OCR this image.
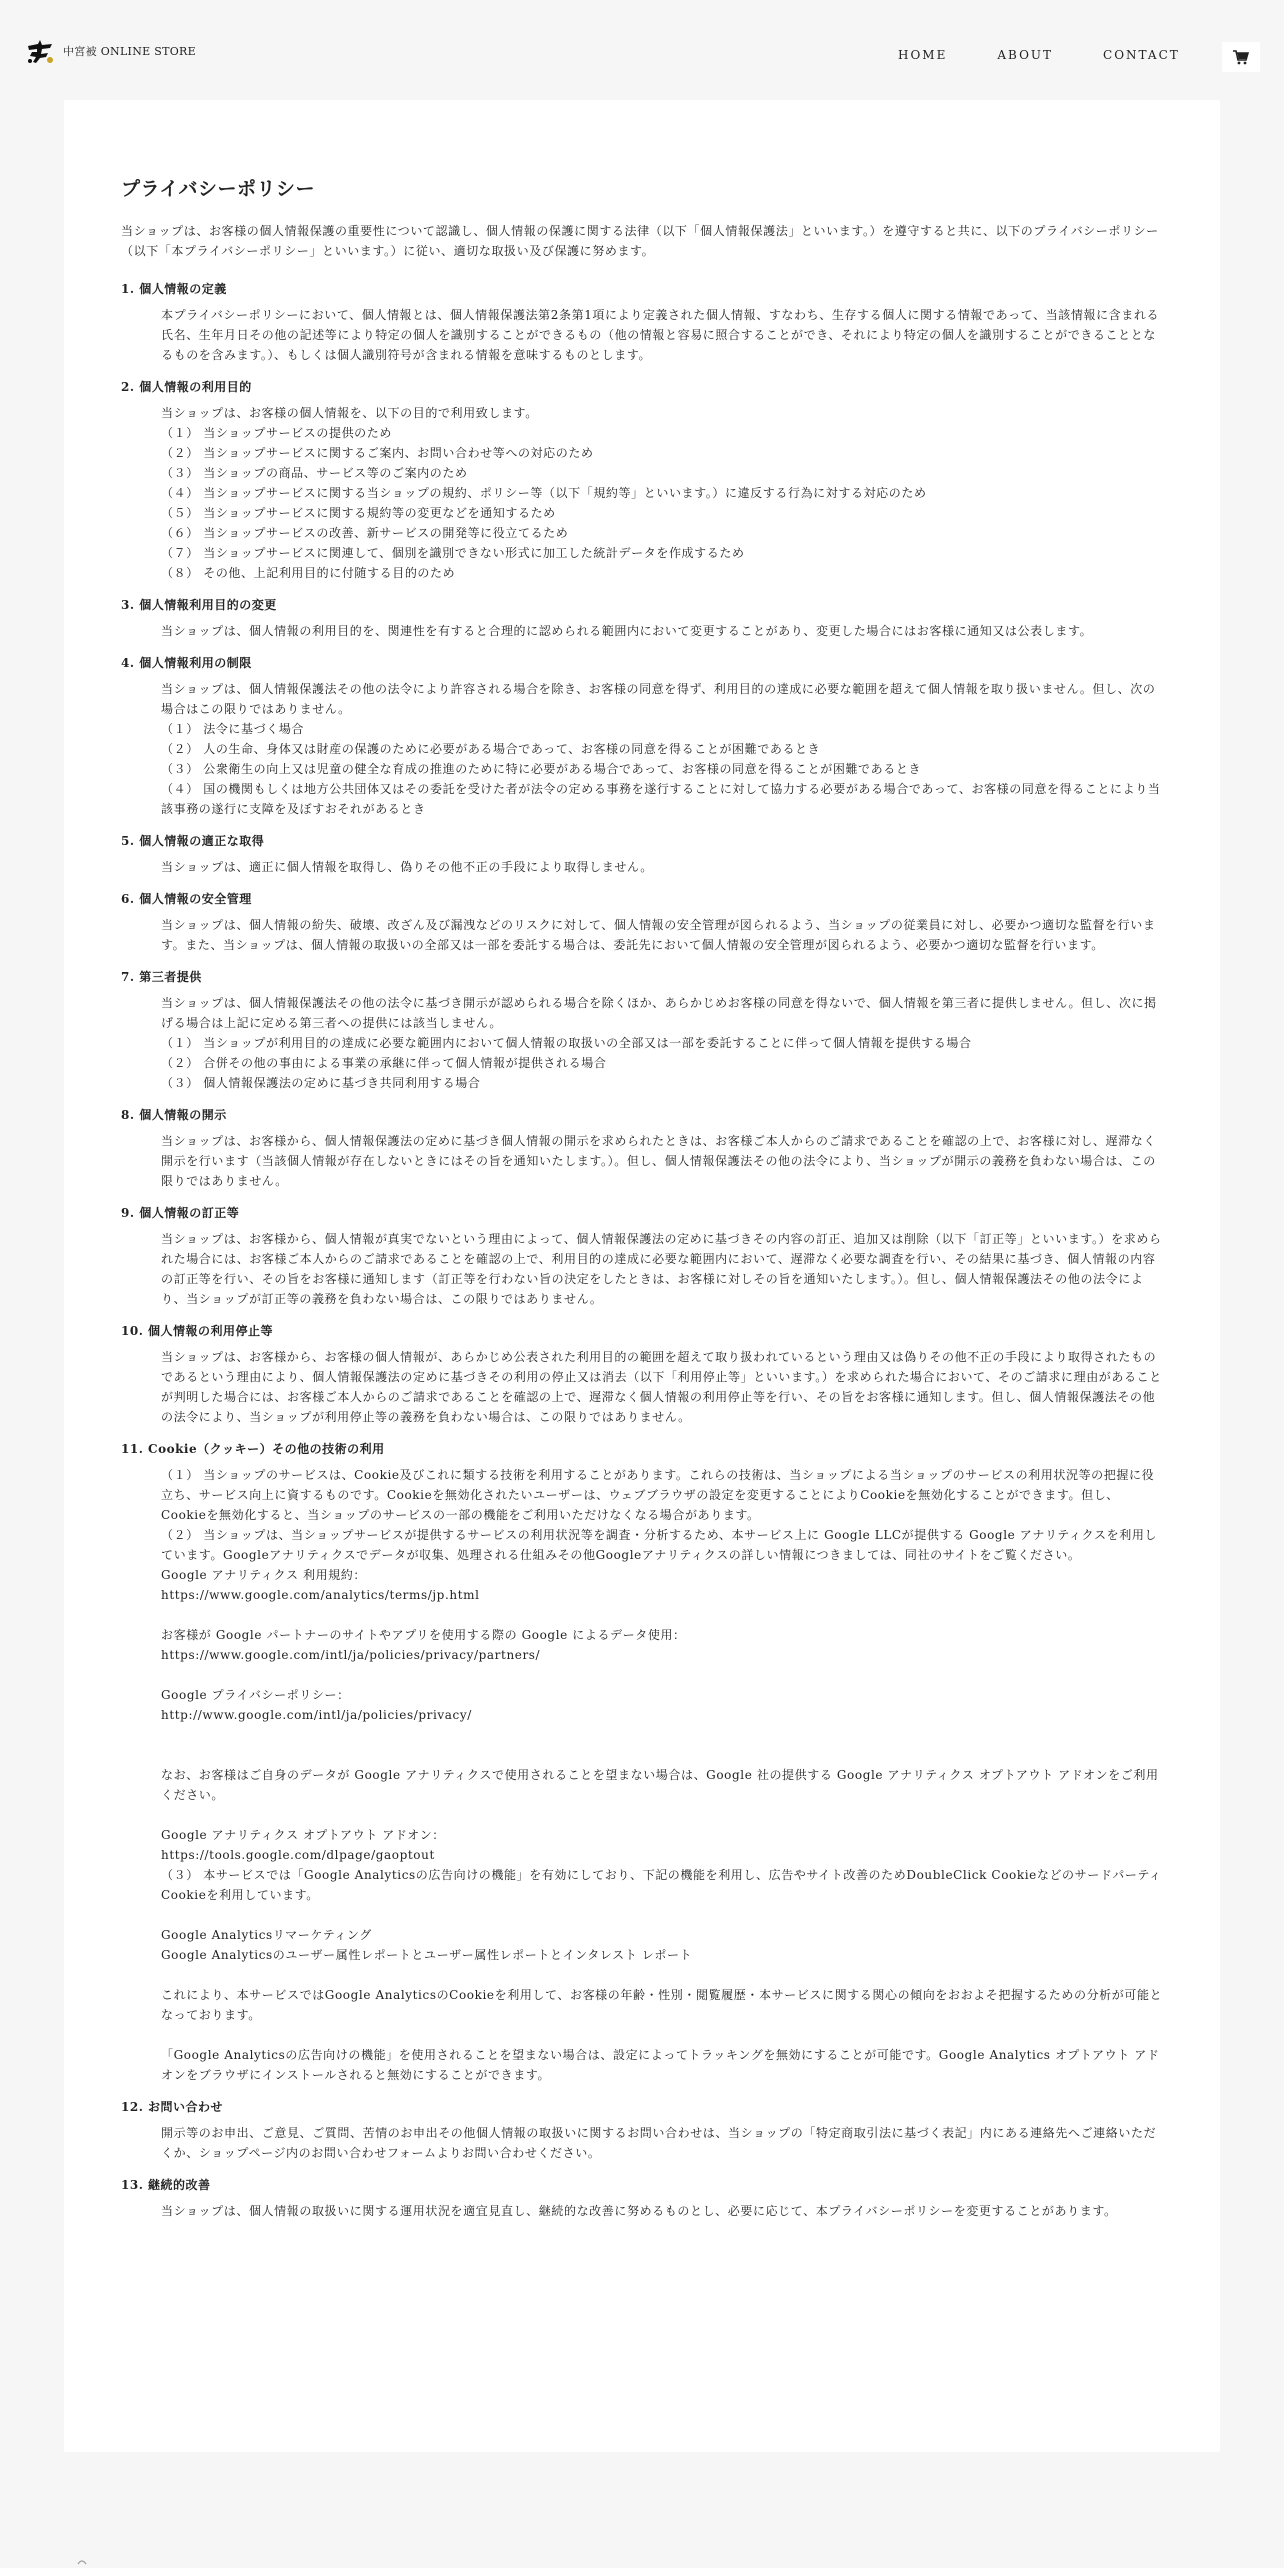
中宮被 ONLINE STORE	HOME	ABOUT	CONTACT
プライバシーポリシー

当ショップは、お客様の個人情報保護の重要性について認識し、個人情報の保護に関する法律（以下「個人情報保護法」といいます。）を遵守すると共に、以下のプライバシーポリシー（以下「本プライバシーポリシー」といいます。）に従い、適切な取扱い及び保護に努めます。

1. 個人情報の定義

本プライバシーポリシーにおいて、個人情報とは、個人情報保護法第2条第1項により定義された個人情報、すなわち、生存する個人に関する情報であって、当該情報に含まれる氏名、生年月日その他の記述等により特定の個人を識別することができるもの（他の情報と容易に照合することができ、それにより特定の個人を識別することができることとなるものを含みます。）、もしくは個人識別符号が含まれる情報を意味するものとします。

2. 個人情報の利用目的

当ショップは、お客様の個人情報を、以下の目的で利用致します。

（１） 当ショップサービスの提供のため

（２） 当ショップサービスに関するご案内、お問い合わせ等への対応のため

（３） 当ショップの商品、サービス等のご案内のため

（４） 当ショップサービスに関する当ショップの規約、ポリシー等（以下「規約等」といいます。）に違反する行為に対する対応のため

（５） 当ショップサービスに関する規約等の変更などを通知するため

（６） 当ショップサービスの改善、新サービスの開発等に役立てるため

（７） 当ショップサービスに関連して、個別を識別できない形式に加工した統計データを作成するため

（８） その他、上記利用目的に付随する目的のため

3. 個人情報利用目的の変更

当ショップは、個人情報の利用目的を、関連性を有すると合理的に認められる範囲内において変更することがあり、変更した場合にはお客様に通知又は公表します。

4. 個人情報利用の制限

当ショップは、個人情報保護法その他の法令により許容される場合を除き、お客様の同意を得ず、利用目的の達成に必要な範囲を超えて個人情報を取り扱いません。但し、次の場合はこの限りではありません。

（１） 法令に基づく場合

（２） 人の生命、身体又は財産の保護のために必要がある場合であって、お客様の同意を得ることが困難であるとき

（３） 公衆衛生の向上又は児童の健全な育成の推進のために特に必要がある場合であって、お客様の同意を得ることが困難であるとき

（４） 国の機関もしくは地方公共団体又はその委託を受けた者が法令の定める事務を遂行することに対して協力する必要がある場合であって、お客様の同意を得ることにより当該事務の遂行に支障を及ぼすおそれがあるとき

5. 個人情報の適正な取得

当ショップは、適正に個人情報を取得し、偽りその他不正の手段により取得しません。

6. 個人情報の安全管理

当ショップは、個人情報の紛失、破壊、改ざん及び漏洩などのリスクに対して、個人情報の安全管理が図られるよう、当ショップの従業員に対し、必要かつ適切な監督を行います。また、当ショップは、個人情報の取扱いの全部又は一部を委託する場合は、委託先において個人情報の安全管理が図られるよう、必要かつ適切な監督を行います。

7. 第三者提供

当ショップは、個人情報保護法その他の法令に基づき開示が認められる場合を除くほか、あらかじめお客様の同意を得ないで、個人情報を第三者に提供しません。但し、次に掲げる場合は上記に定める第三者への提供には該当しません。

（１） 当ショップが利用目的の達成に必要な範囲内において個人情報の取扱いの全部又は一部を委託することに伴って個人情報を提供する場合

（２） 合併その他の事由による事業の承継に伴って個人情報が提供される場合

（３） 個人情報保護法の定めに基づき共同利用する場合

8. 個人情報の開示

当ショップは、お客様から、個人情報保護法の定めに基づき個人情報の開示を求められたときは、お客様ご本人からのご請求であることを確認の上で、お客様に対し、遅滞なく開示を行います（当該個人情報が存在しないときにはその旨を通知いたします。）。但し、個人情報保護法その他の法令により、当ショップが開示の義務を負わない場合は、この限りではありません。

9. 個人情報の訂正等

当ショップは、お客様から、個人情報が真実でないという理由によって、個人情報保護法の定めに基づきその内容の訂正、追加又は削除（以下「訂正等」といいます。）を求められた場合には、お客様ご本人からのご請求であることを確認の上で、利用目的の達成に必要な範囲内において、遅滞なく必要な調査を行い、その結果に基づき、個人情報の内容の訂正等を行い、その旨をお客様に通知します（訂正等を行わない旨の決定をしたときは、お客様に対しその旨を通知いたします。）。但し、個人情報保護法その他の法令により、当ショップが訂正等の義務を負わない場合は、この限りではありません。

10. 個人情報の利用停止等

当ショップは、お客様から、お客様の個人情報が、あらかじめ公表された利用目的の範囲を超えて取り扱われているという理由又は偽りその他不正の手段により取得されたものであるという理由により、個人情報保護法の定めに基づきその利用の停止又は消去（以下「利用停止等」といいます。）を求められた場合において、そのご請求に理由があることが判明した場合には、お客様ご本人からのご請求であることを確認の上で、遅滞なく個人情報の利用停止等を行い、その旨をお客様に通知します。但し、個人情報保護法その他の法令により、当ショップが利用停止等の義務を負わない場合は、この限りではありません。

11. Cookie（クッキー）その他の技術の利用

（１） 当ショップのサービスは、Cookie及びこれに類する技術を利用することがあります。これらの技術は、当ショップによる当ショップのサービスの利用状況等の把握に役立ち、サービス向上に資するものです。Cookieを無効化されたいユーザーは、ウェブブラウザの設定を変更することによりCookieを無効化することができます。但し、Cookieを無効化すると、当ショップのサービスの一部の機能をご利用いただけなくなる場合があります。

（２） 当ショップは、当ショップサービスが提供するサービスの利用状況等を調査・分析するため、本サービス上に Google LLCが提供する Google アナリティクスを利用しています。Googleアナリティクスでデータが収集、処理される仕組みその他Googleアナリティクスの詳しい情報につきましては、同社のサイトをご覧ください。

Google アナリティクス 利用規約：

https://www.google.com/analytics/terms/jp.html

お客様が Google パートナーのサイトやアプリを使用する際の Google によるデータ使用：

https://www.google.com/intl/ja/policies/privacy/partners/

Google プライバシーポリシー：

http://www.google.com/intl/ja/policies/privacy/

なお、お客様はご自身のデータが Google アナリティクスで使用されることを望まない場合は、Google 社の提供する Google アナリティクス オプトアウト アドオンをご利用ください。

Google アナリティクス オプトアウト アドオン：

https://tools.google.com/dlpage/gaoptout

（３） 本サービスでは「Google Analyticsの広告向けの機能」を有効にしており、下記の機能を利用し、広告やサイト改善のためDoubleClick Cookieなどのサードパーティ Cookieを利用しています。

Google Analyticsリマーケティング

Google Analyticsのユーザー属性レポートとユーザー属性レポートとインタレスト レポート

これにより、本サービスではGoogle AnalyticsのCookieを利用して、お客様の年齢・性別・閲覧履歴・本サービスに関する関心の傾向をおおよそ把握するための分析が可能となっております。

「Google Analyticsの広告向けの機能」を使用されることを望まない場合は、設定によってトラッキングを無効にすることが可能です。Google Analytics オプトアウト アドオンをブラウザにインストールされると無効にすることができます。

12. お問い合わせ

開示等のお申出、ご意見、ご質問、苦情のお申出その他個人情報の取扱いに関するお問い合わせは、当ショップの「特定商取引法に基づく表記」内にある連絡先へご連絡いただくか、ショップページ内のお問い合わせフォームよりお問い合わせください。

13. 継続的改善

当ショップは、個人情報の取扱いに関する運用状況を適宜見直し、継続的な改善に努めるものとし、必要に応じて、本プライバシーポリシーを変更することがあります。
